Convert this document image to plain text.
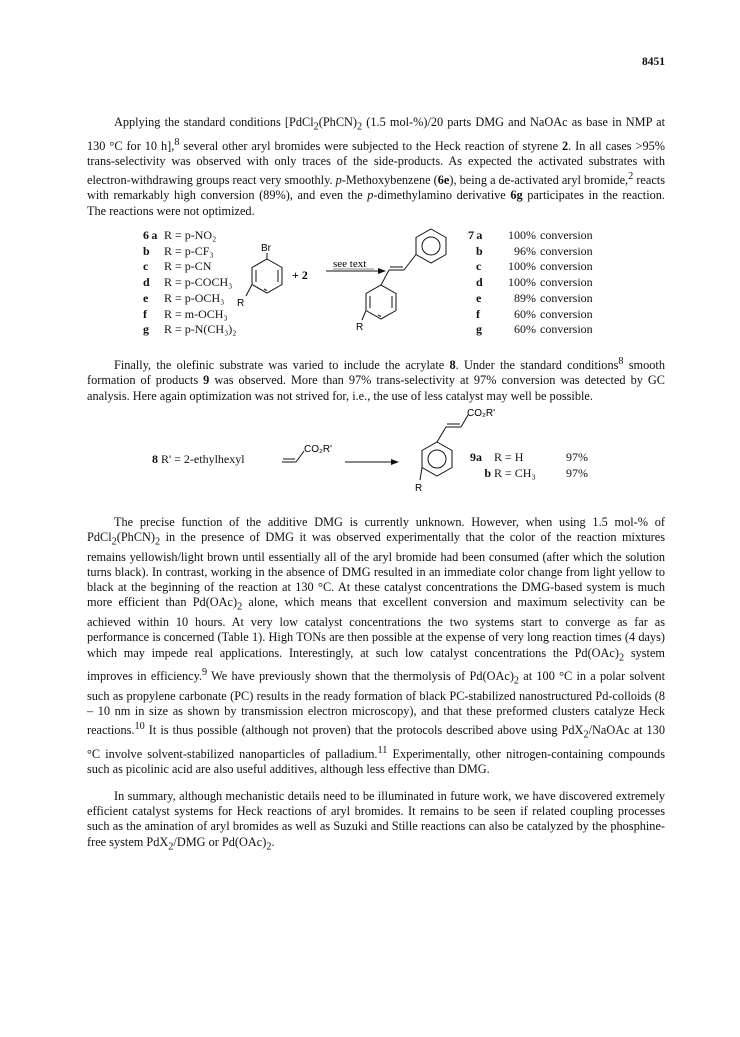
8451

Applying the standard conditions [$PdCl_2(PhCN)_2$ (1.5 mol-%)/20 parts DMG and NaOAc as base in NMP at 130 °C for 10 h],$^8$ several other aryl bromides were subjected to the Heck reaction of styrene 2. In all cases >95% trans-selectivity was observed with only traces of the side-products. As expected the activated substrates with electron-withdrawing groups react very smoothly. p-Methoxybenzene (6e), being a de-activated aryl bromide,$^2$ reacts with remarkably high conversion (89%), and even the p-dimethylamino derivative 6g participates in the reaction. The reactions were not optimized.

6  a R = p-NO₂
b	R = p-CF₃
c	R = p-CN
d	R = p-COCH₃
e	R = p-OCH₃
f	R = m-OCH₃
g	R = p-N(CH₃)₂
Br
R
+ 2
see text
R
7  a	100% conversion
b	96% conversion
c	100% conversion
d	100% conversion
e	89% conversion
f	60% conversion
g	60% conversion

Finally, the olefinic substrate was varied to include the acrylate 8. Under the standard conditions$^8$ smooth formation of products 9 was observed. More than 97% trans-selectivity at 97% conversion was detected by GC analysis. Here again optimization was not strived for, i.e., the use of less catalyst may well be possible.

8 R' = 2-ethylhexyl
CO₂R'
CO₂R'
R
9a	R = H	97%
b R = CH₃	97%

The precise function of the additive DMG is currently unknown. However, when using 1.5 mol-% of $PdCl_2(PhCN)_2$ in the presence of DMG it was observed experimentally that the color of the reaction mixtures remains yellowish/light brown until essentially all of the aryl bromide had been consumed (after which the solution turns black). In contrast, working in the absence of DMG resulted in an immediate color change from light yellow to black at the beginning of the reaction at 130 °C. At these catalyst concentrations the DMG-based system is much more efficient than $Pd(OAc)_2$ alone, which means that excellent conversion and maximum selectivity can be achieved within 10 hours. At very low catalyst concentrations the two systems start to converge as far as performance is concerned (Table 1). High TONs are then possible at the expense of very long reaction times (4 days) which may impede real applications. Interestingly, at such low catalyst concentrations the $Pd(OAc)_2$ system improves in efficiency.$^9$ We have previously shown that the thermolysis of $Pd(OAc)_2$ at 100 °C in a polar solvent such as propylene carbonate (PC) results in the ready formation of black PC-stabilized nanostructured Pd-colloids (8 – 10 nm in size as shown by transmission electron microscopy), and that these preformed clusters catalyze Heck reactions.$^{10}$ It is thus possible (although not proven) that the protocols described above using PdX$_2$/NaOAc at 130 °C involve solvent-stabilized nanoparticles of palladium.$^{11}$ Experimentally, other nitrogen-containing compounds such as picolinic acid are also useful additives, although less effective than DMG.

In summary, although mechanistic details need to be illuminated in future work, we have discovered extremely efficient catalyst systems for Heck reactions of aryl bromides. It remains to be seen if related coupling processes such as the amination of aryl bromides as well as Suzuki and Stille reactions can also be catalyzed by the phosphine-free system PdX$_2$/DMG or $Pd(OAc)_2$.
